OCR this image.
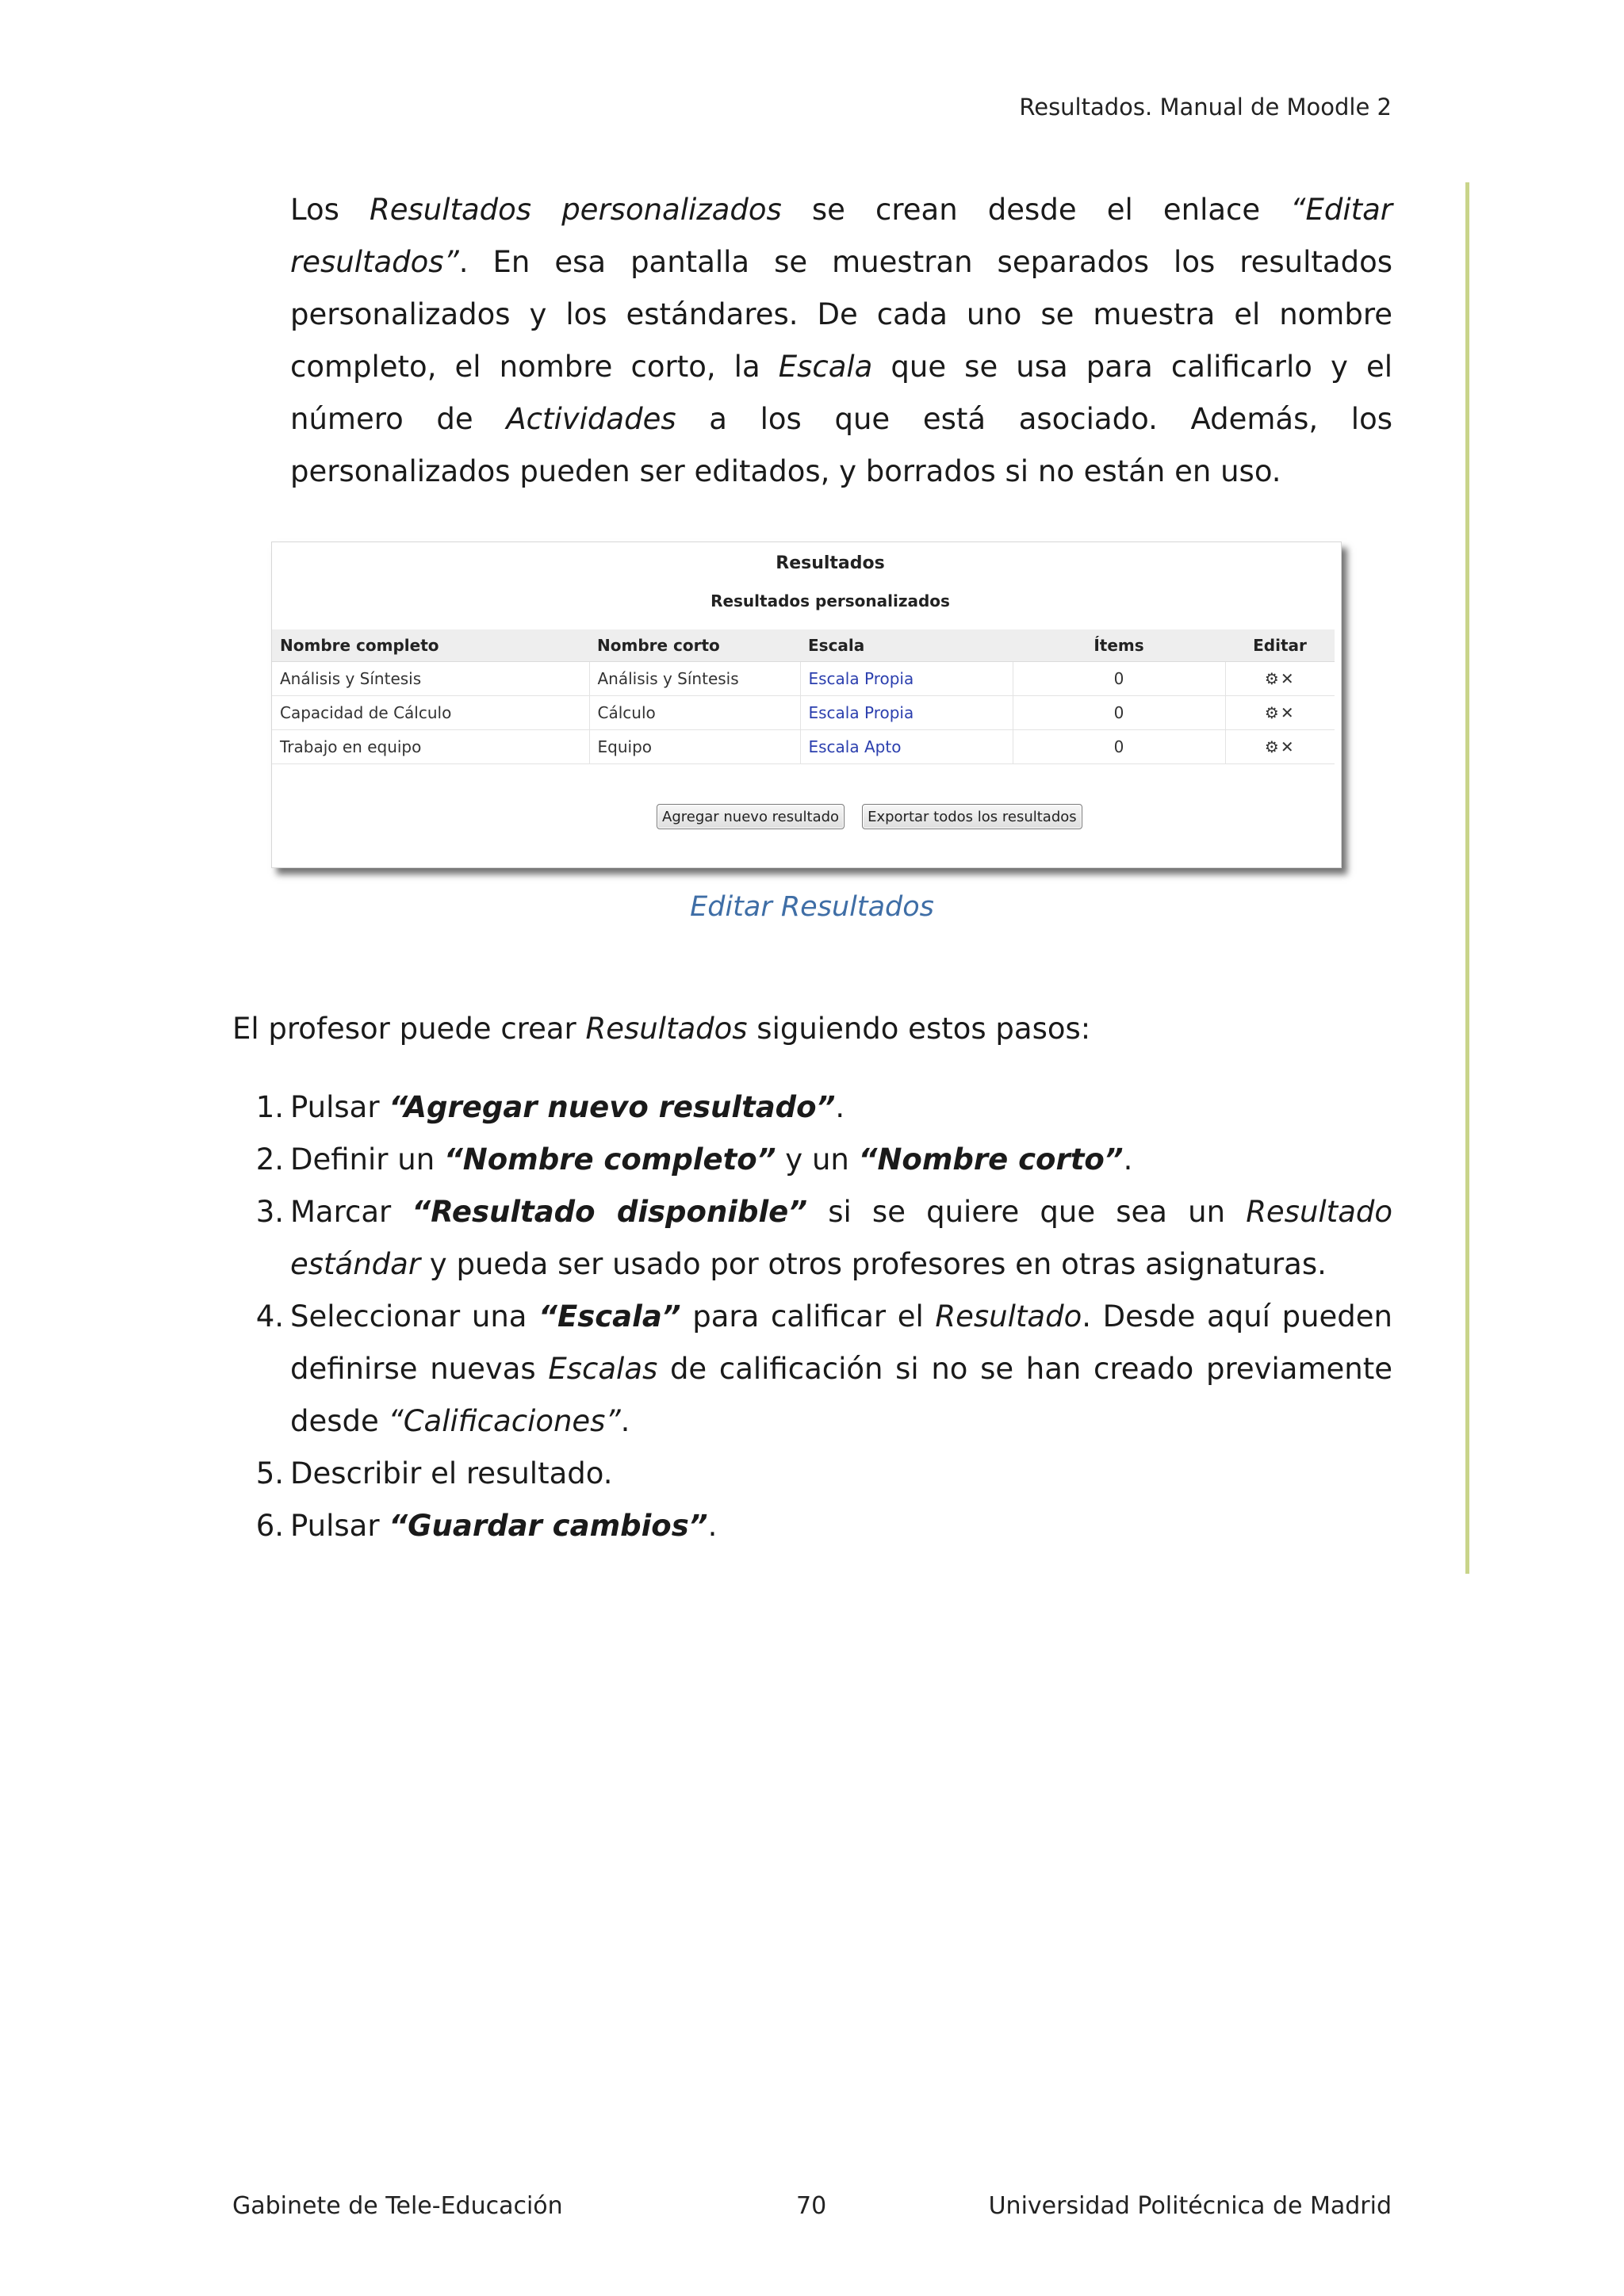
Resultados. Manual de Moodle 2

Los Resultados personalizados se crean desde el enlace “Editar resultados”. En esa pantalla se muestran separados los resultados personalizados y los estándares. De cada uno se muestra el nombre completo, el nombre corto, la Escala que se usa para calificarlo y el número de Actividades a los que está asociado. Además, los personalizados pueden ser editados, y borrados si no están en uso.

Resultados
Resultados personalizados
Nombre completo	Nombre corto	Escala	Ítems	Editar
Análisis y Síntesis	Análisis y Síntesis	Escala Propia	0	⚙✕
Capacidad de Cálculo	Cálculo	Escala Propia	0	⚙✕
Trabajo en equipo	Equipo	Escala Apto	0	⚙✕
Agregar nuevo resultado	Exportar todos los resultados
Editar Resultados

El profesor puede crear Resultados siguiendo estos pasos:

1. Pulsar “Agregar nuevo resultado”.
2. Definir un “Nombre completo” y un “Nombre corto”.
3. Marcar “Resultado disponible” si se quiere que sea un Resultado estándar y pueda ser usado por otros profesores en otras asignaturas.
4. Seleccionar una “Escala” para calificar el Resultado. Desde aquí pueden definirse nuevas Escalas de calificación si no se han creado previamente desde “Calificaciones”.
5. Describir el resultado.
6. Pulsar “Guardar cambios”.
Gabinete de Tele-Educación	70	Universidad Politécnica de Madrid
